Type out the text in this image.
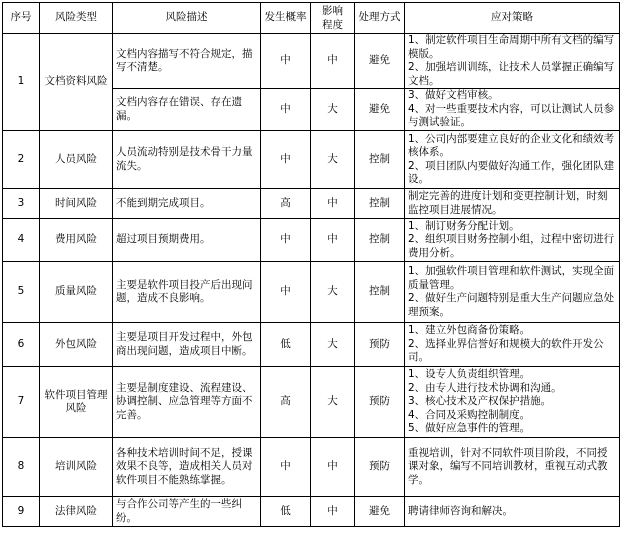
序号	风险类型	风险描述	发生概率	影响程度	处理方式	应对策略
1	文档资料风险	文档内容描写不符合规定，描写不清楚。	中	中	避免	1、制定软件项目生命周期中所有文档的编写模版。
2、加强培训训练，让技术人员掌握正确编写文档。

		文档内容存在错误、存在遗漏。	中	大	避免	3、做好文档审核。
4、对一些重要技术内容，可以让测试人员参与测试验证。

2	人员风险	人员流动特别是技术骨干力量流失。	中	大	控制	1、公司内部要建立良好的企业文化和绩效考核体系。
2、项目团队内要做好沟通工作，强化团队建设。

3	时间风险	不能到期完成项目。	高	中	控制	制定完善的进度计划和变更控制计划，时刻监控项目进展情况。

4	费用风险	超过项目预期费用。	中	中	控制	1、制订财务分配计划。
2、组织项目财务控制小组，过程中密切进行费用分析。

5	质量风险	主要是软件项目投产后出现问题，造成不良影响。	中	大	控制	1、加强软件项目管理和软件测试，实现全面质量管理。
2、做好生产问题特别是重大生产问题应急处理预案。

6	外包风险	主要是项目开发过程中，外包商出现问题，造成项目中断。	低	大	预防	1、建立外包商备份策略。
2、选择业界信誉好和规模大的软件开发公司。

7	软件项目管理风险	主要是制度建设、流程建设、协调控制、应急管理等方面不完善。	高	大	预防	1、设专人负责组织管理。
2、由专人进行技术协调和沟通。
3、核心技术及产权保护措施。
4、合同及采购控制制度。
5、做好应急事件的管理。

8	培训风险	各种技术培训时间不足，授课效果不良等，造成相关人员对软件项目不能熟练掌握。	中	中	预防	重视培训，针对不同软件项目阶段，不同授课对象，编写不同培训教材，重视互动式教学。

9	法律风险	与合作公司等产生的一些纠纷。	低	中	避免	聘请律师咨询和解决。
